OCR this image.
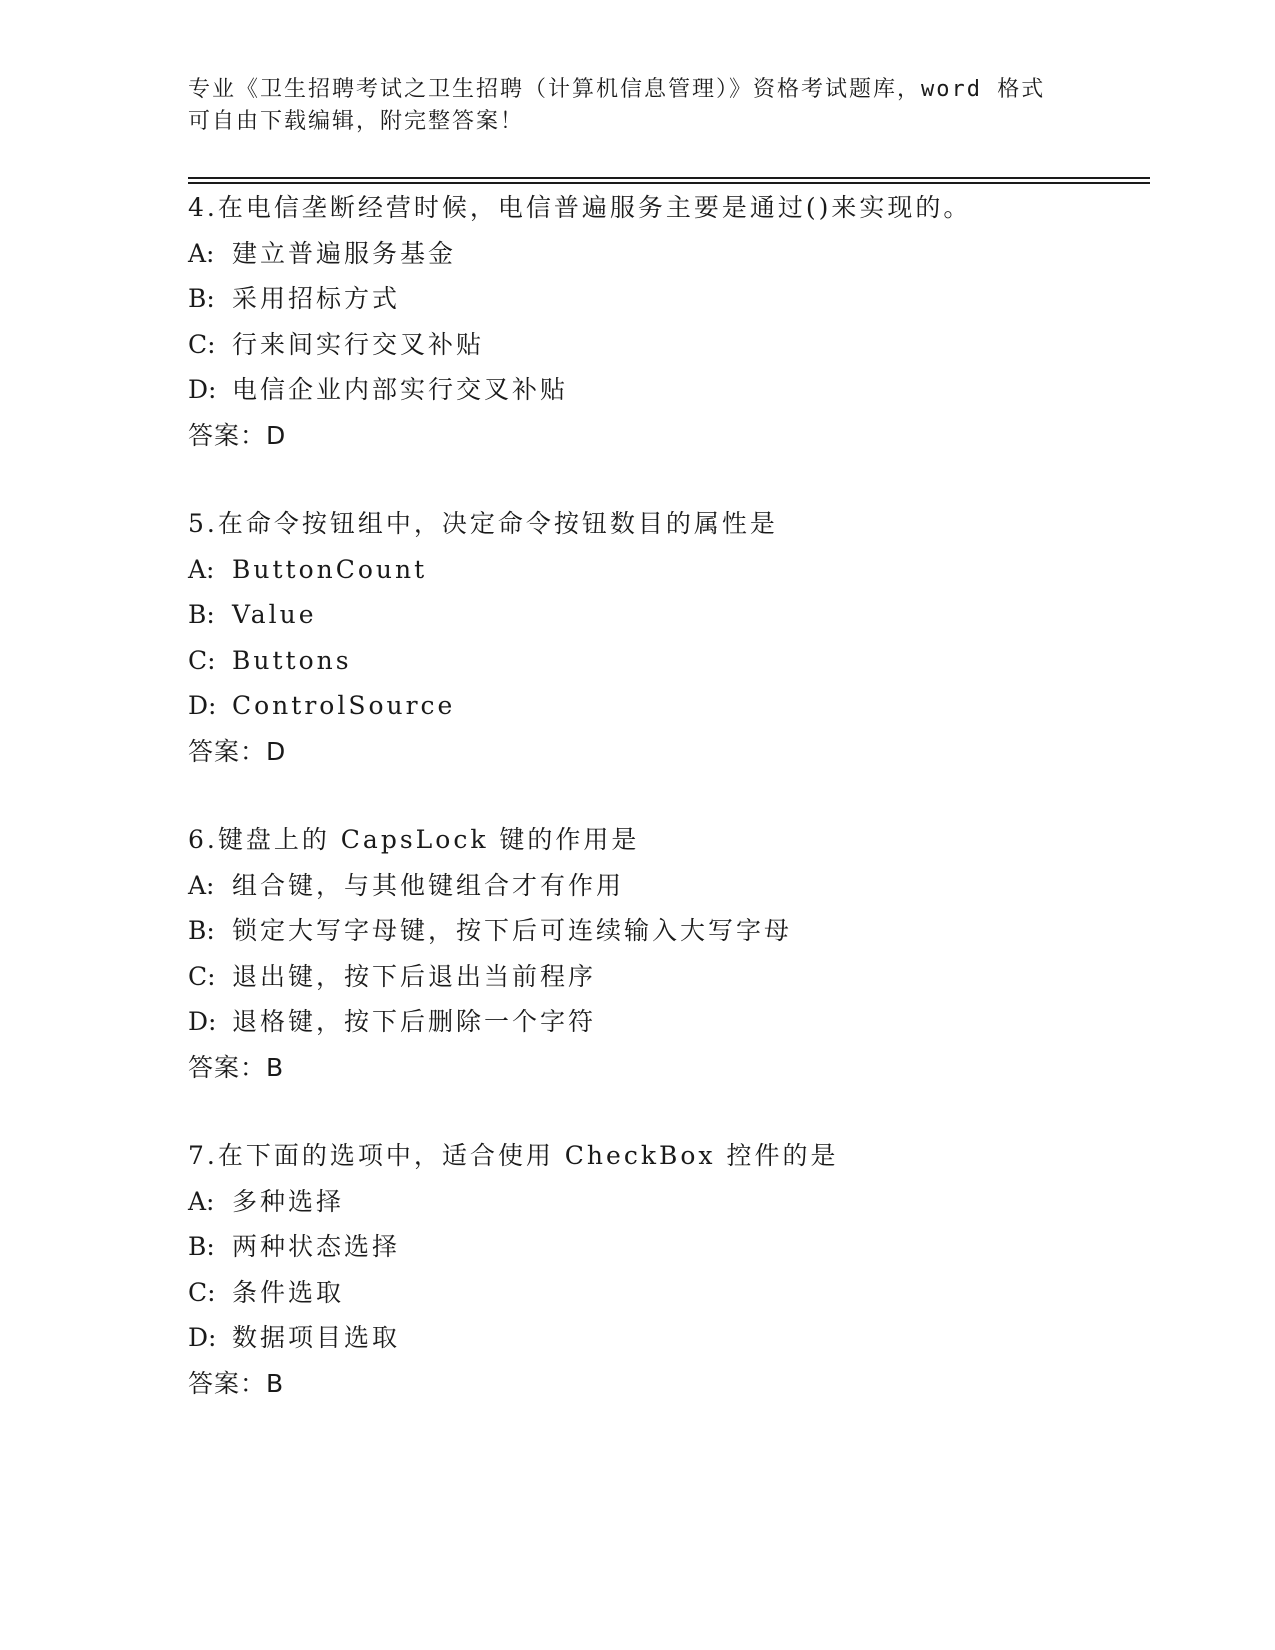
专业《卫生招聘考试之卫生招聘（计算机信息管理）》资格考试题库，word 格式
可自由下载编辑，附完整答案！
4.在电信垄断经营时候，电信普遍服务主要是通过()来实现的。
A: 建立普遍服务基金
B: 采用招标方式
C: 行来间实行交叉补贴
D: 电信企业内部实行交叉补贴
答案：D
5.在命令按钮组中，决定命令按钮数目的属性是
A: ButtonCount
B: Value
C: Buttons
D: ControlSource
答案：D
6.键盘上的 CapsLock 键的作用是
A: 组合键，与其他键组合才有作用
B: 锁定大写字母键，按下后可连续输入大写字母
C: 退出键，按下后退出当前程序
D: 退格键，按下后删除一个字符
答案：B
7.在下面的选项中，适合使用 CheckBox 控件的是
A: 多种选择
B: 两种状态选择
C: 条件选取
D: 数据项目选取
答案：B
